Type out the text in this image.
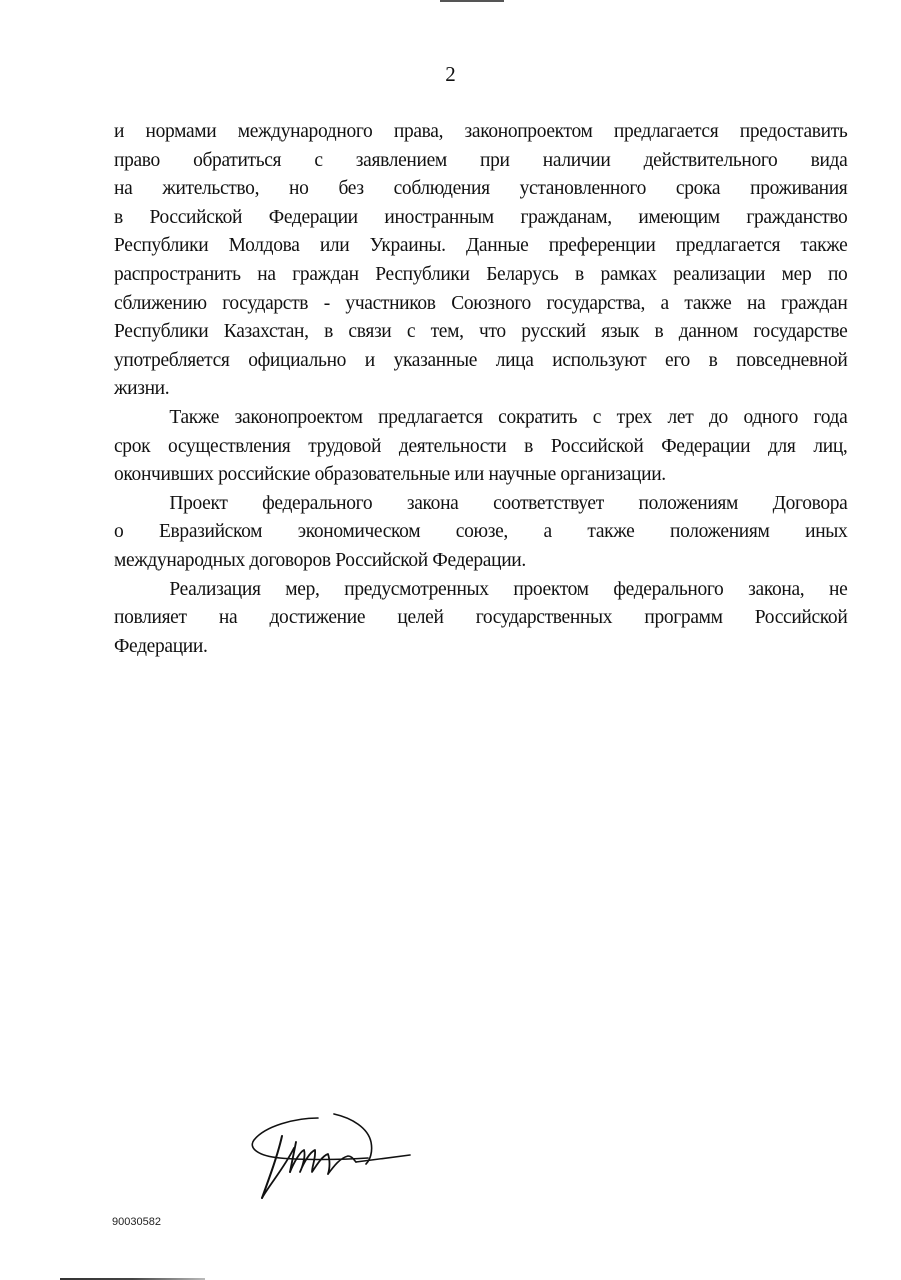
2
и нормами международного права, законопроектом предлагается предоставить
право обратиться с заявлением при наличии действительного вида
на жительство, но без соблюдения установленного срока проживания
в Российской Федерации иностранным гражданам, имеющим гражданство
Республики Молдова или Украины. Данные преференции предлагается также
распространить на граждан Республики Беларусь в рамках реализации мер по
сближению государств - участников Союзного государства, а также на граждан
Республики Казахстан, в связи с тем, что русский язык в данном государстве
употребляется официально и указанные лица используют его в повседневной
жизни.
Также законопроектом предлагается сократить с трех лет до одного года
срок осуществления трудовой деятельности в Российской Федерации для лиц,
окончивших российские образовательные или научные организации.
Проект федерального закона соответствует положениям Договора
о Евразийском экономическом союзе, а также положениям иных
международных договоров Российской Федерации.
Реализация мер, предусмотренных проектом федерального закона, не
повлияет на достижение целей государственных программ Российской
Федерации.
90030582
